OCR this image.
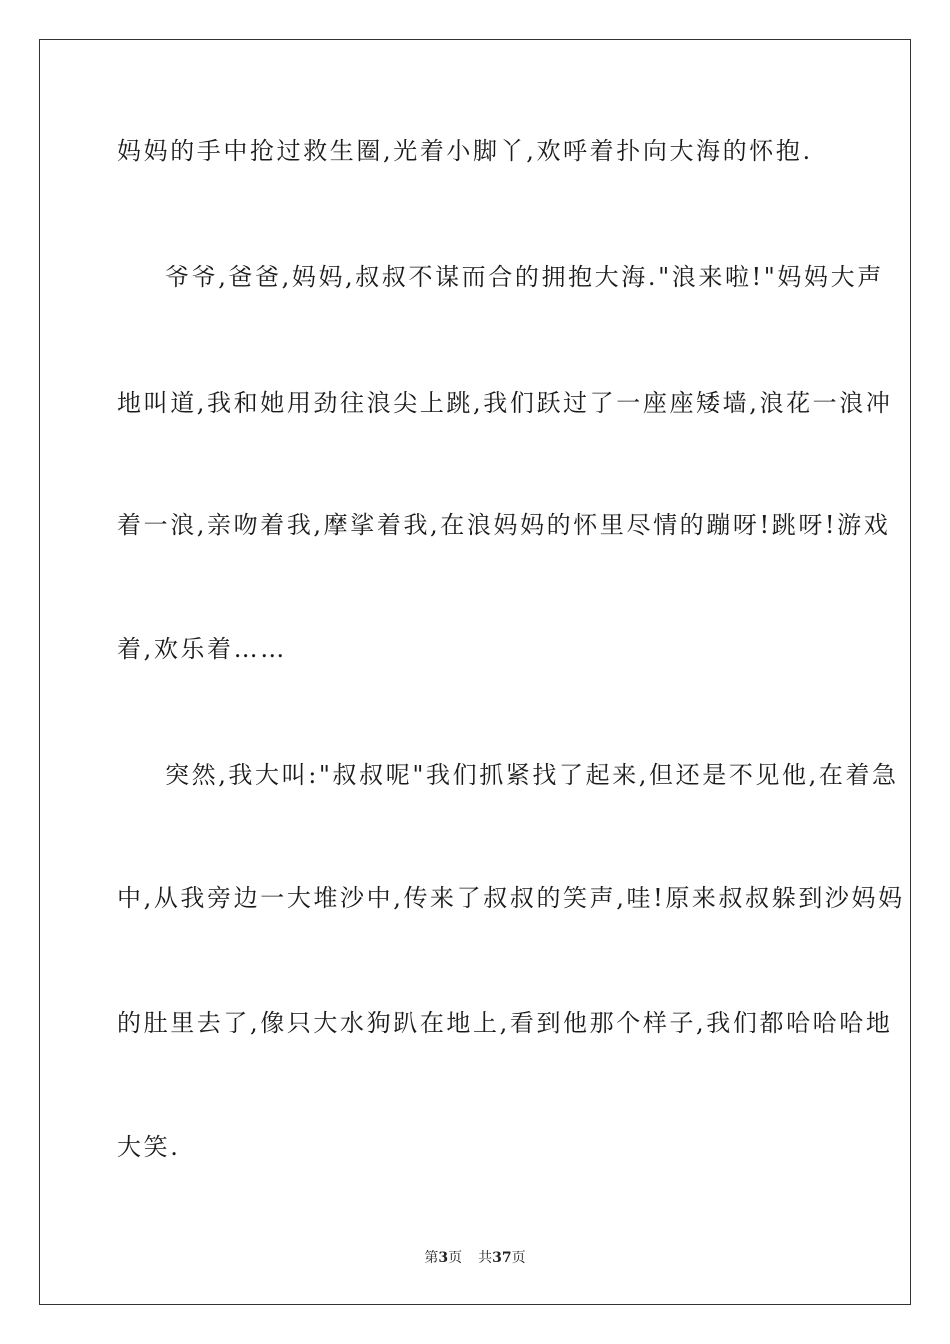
妈妈的手中抢过救生圈,光着小脚丫,欢呼着扑向大海的怀抱.
爷爷,爸爸,妈妈,叔叔不谋而合的拥抱大海."浪来啦!"妈妈大声
地叫道,我和她用劲往浪尖上跳,我们跃过了一座座矮墙,浪花一浪冲
着一浪,亲吻着我,摩挲着我,在浪妈妈的怀里尽情的蹦呀!跳呀!游戏
着,欢乐着……
突然,我大叫:"叔叔呢"我们抓紧找了起来,但还是不见他,在着急
中,从我旁边一大堆沙中,传来了叔叔的笑声,哇!原来叔叔躲到沙妈妈
的肚里去了,像只大水狗趴在地上,看到他那个样子,我们都哈哈哈地
大笑.
第3页 共37页
